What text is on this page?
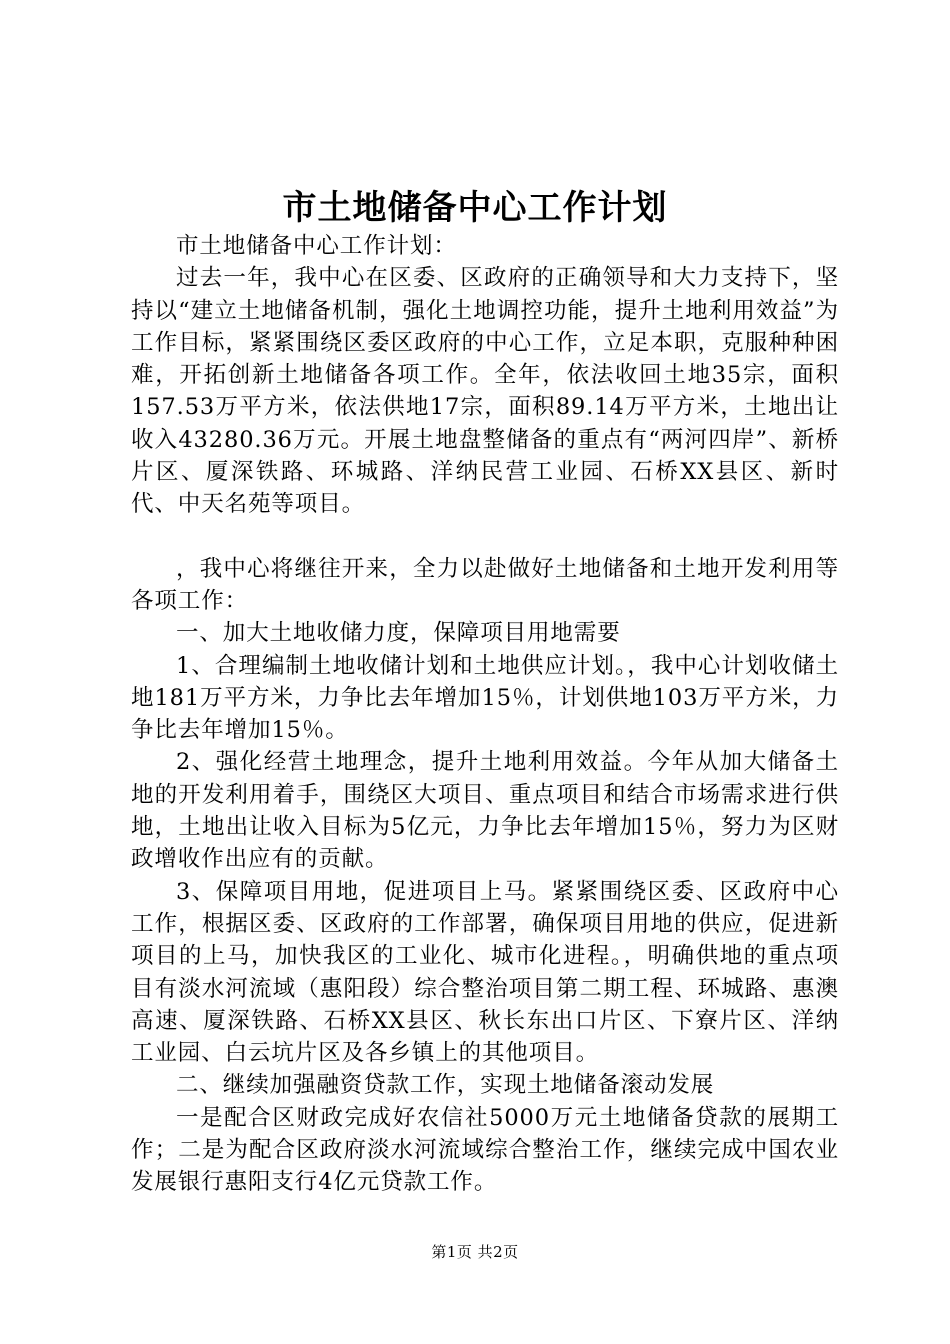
市土地储备中心工作计划

市土地储备中心工作计划：

过去一年，我中心在区委、区政府的正确领导和大力支持下，坚持以“建立土地储备机制，强化土地调控功能，提升土地利用效益”为工作目标，紧紧围绕区委区政府的中心工作，立足本职，克服种种困难，开拓创新土地储备各项工作。全年，依法收回土地35宗，面积157.53万平方米，依法供地17宗，面积89.14万平方米，土地出让收入43280.36万元。开展土地盘整储备的重点有“两河四岸”、新桥片区、厦深铁路、环城路、洋纳民营工业园、石桥XX县区、新时代、中天名苑等项目。

，我中心将继往开来，全力以赴做好土地储备和土地开发利用等各项工作：

一、加大土地收储力度，保障项目用地需要

1、合理编制土地收储计划和土地供应计划。，我中心计划收储土地181万平方米，力争比去年增加15％，计划供地103万平方米，力争比去年增加15％。

2、强化经营土地理念，提升土地利用效益。今年从加大储备土地的开发利用着手，围绕区大项目、重点项目和结合市场需求进行供地，土地出让收入目标为5亿元，力争比去年增加15％，努力为区财政增收作出应有的贡献。

3、保障项目用地，促进项目上马。紧紧围绕区委、区政府中心工作，根据区委、区政府的工作部署，确保项目用地的供应，促进新项目的上马，加快我区的工业化、城市化进程。，明确供地的重点项目有淡水河流域（惠阳段）综合整治项目第二期工程、环城路、惠澳高速、厦深铁路、石桥XX县区、秋长东出口片区、下寮片区、洋纳工业园、白云坑片区及各乡镇上的其他项目。

二、继续加强融资贷款工作，实现土地储备滚动发展

一是配合区财政完成好农信社5000万元土地储备贷款的展期工作；二是为配合区政府淡水河流域综合整治工作，继续完成中国农业发展银行惠阳支行4亿元贷款工作。

第1页 共2页
